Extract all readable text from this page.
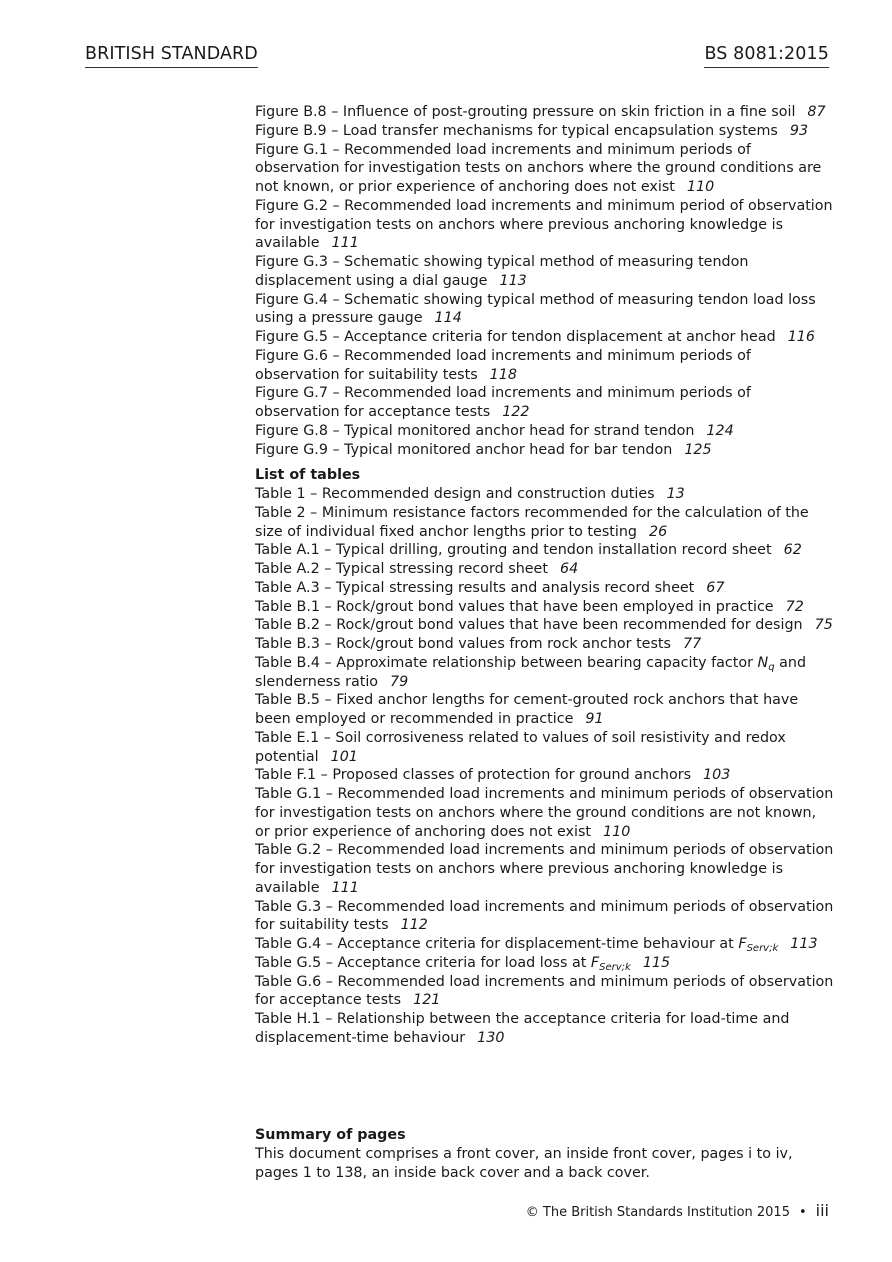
BRITISH STANDARD	BS 8081:2015
Figure B.8 – Influence of post-grouting pressure on skin friction in a fine soil 87
Figure B.9 – Load transfer mechanisms for typical encapsulation systems 93
Figure G.1 – Recommended load increments and minimum periods of observation for investigation tests on anchors where the ground conditions are not known, or prior experience of anchoring does not exist 110
Figure G.2 – Recommended load increments and minimum period of observation for investigation tests on anchors where previous anchoring knowledge is available 111
Figure G.3 – Schematic showing typical method of measuring tendon displacement using a dial gauge 113
Figure G.4 – Schematic showing typical method of measuring tendon load loss using a pressure gauge 114
Figure G.5 – Acceptance criteria for tendon displacement at anchor head 116
Figure G.6 – Recommended load increments and minimum periods of observation for suitability tests 118
Figure G.7 – Recommended load increments and minimum periods of observation for acceptance tests 122
Figure G.8 – Typical monitored anchor head for strand tendon 124
Figure G.9 – Typical monitored anchor head for bar tendon 125
List of tables
Table 1 – Recommended design and construction duties 13
Table 2 – Minimum resistance factors recommended for the calculation of the size of individual fixed anchor lengths prior to testing 26
Table A.1 – Typical drilling, grouting and tendon installation record sheet 62
Table A.2 – Typical stressing record sheet 64
Table A.3 – Typical stressing results and analysis record sheet 67
Table B.1 – Rock/grout bond values that have been employed in practice 72
Table B.2 – Rock/grout bond values that have been recommended for design 75
Table B.3 – Rock/grout bond values from rock anchor tests 77
Table B.4 – Approximate relationship between bearing capacity factor $N_q$ and slenderness ratio 79
Table B.5 – Fixed anchor lengths for cement-grouted rock anchors that have been employed or recommended in practice 91
Table E.1 – Soil corrosiveness related to values of soil resistivity and redox potential 101
Table F.1 – Proposed classes of protection for ground anchors 103
Table G.1 – Recommended load increments and minimum periods of observation for investigation tests on anchors where the ground conditions are not known, or prior experience of anchoring does not exist 110
Table G.2 – Recommended load increments and minimum periods of observation for investigation tests on anchors where previous anchoring knowledge is available 111
Table G.3 – Recommended load increments and minimum periods of observation for suitability tests 112
Table G.4 – Acceptance criteria for displacement-time behaviour at $F_{Serv;k}$ 113
Table G.5 – Acceptance criteria for load loss at $F_{Serv;k}$ 115
Table G.6 – Recommended load increments and minimum periods of observation for acceptance tests 121
Table H.1 – Relationship between the acceptance criteria for load-time and displacement-time behaviour 130
Summary of pages
This document comprises a front cover, an inside front cover, pages i to iv, pages 1 to 138, an inside back cover and a back cover.
© The British Standards Institution 2015 • iii
